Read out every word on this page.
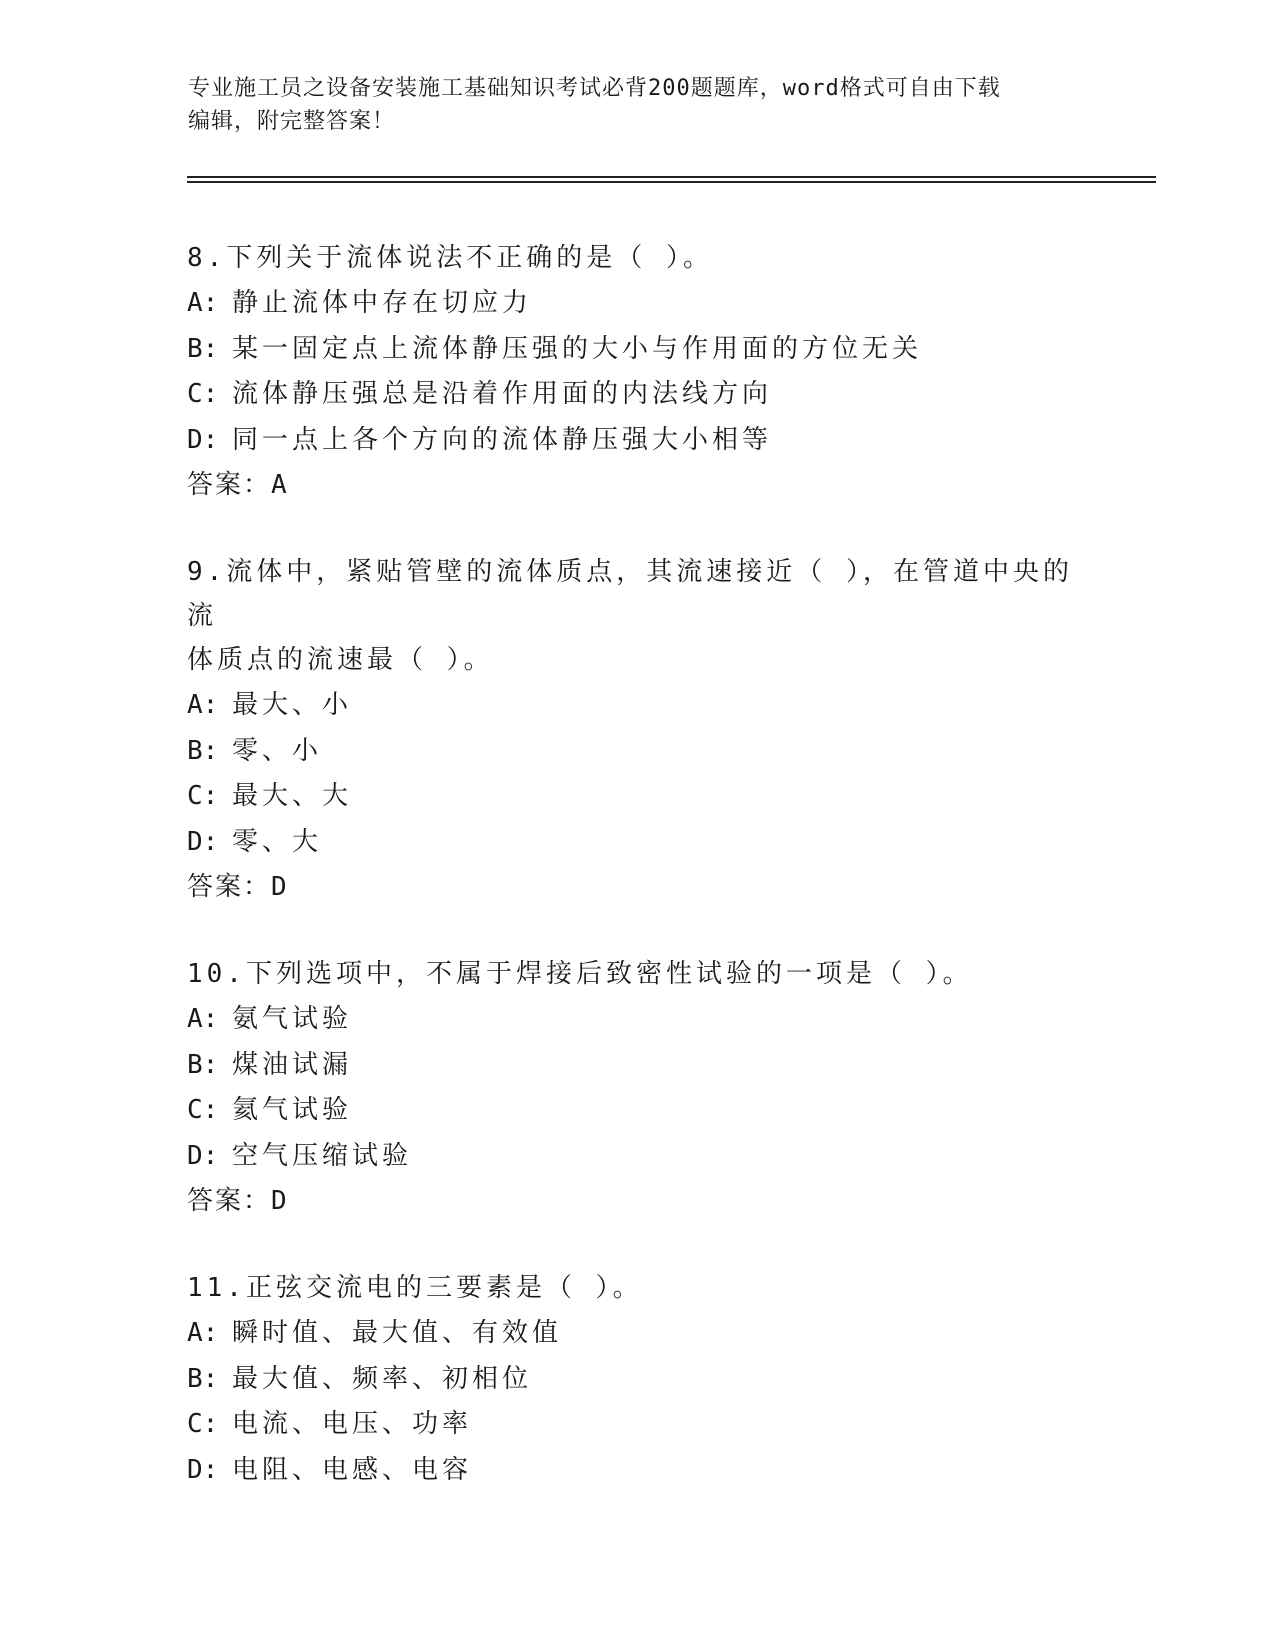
专业施工员之设备安装施工基础知识考试必背200题题库，word格式可自由下载
编辑，附完整答案！
8.下列关于流体说法不正确的是（ ）。
A: 静止流体中存在切应力
B: 某一固定点上流体静压强的大小与作用面的方位无关
C: 流体静压强总是沿着作用面的内法线方向
D: 同一点上各个方向的流体静压强大小相等
答案：A
9.流体中，紧贴管壁的流体质点，其流速接近（ ），在管道中央的流
体质点的流速最（ ）。
A: 最大、小
B: 零、小
C: 最大、大
D: 零、大
答案：D
10.下列选项中，不属于焊接后致密性试验的一项是（ ）。
A: 氨气试验
B: 煤油试漏
C: 氦气试验
D: 空气压缩试验
答案：D
11.正弦交流电的三要素是（ ）。
A: 瞬时值、最大值、有效值
B: 最大值、频率、初相位
C: 电流、电压、功率
D: 电阻、电感、电容
